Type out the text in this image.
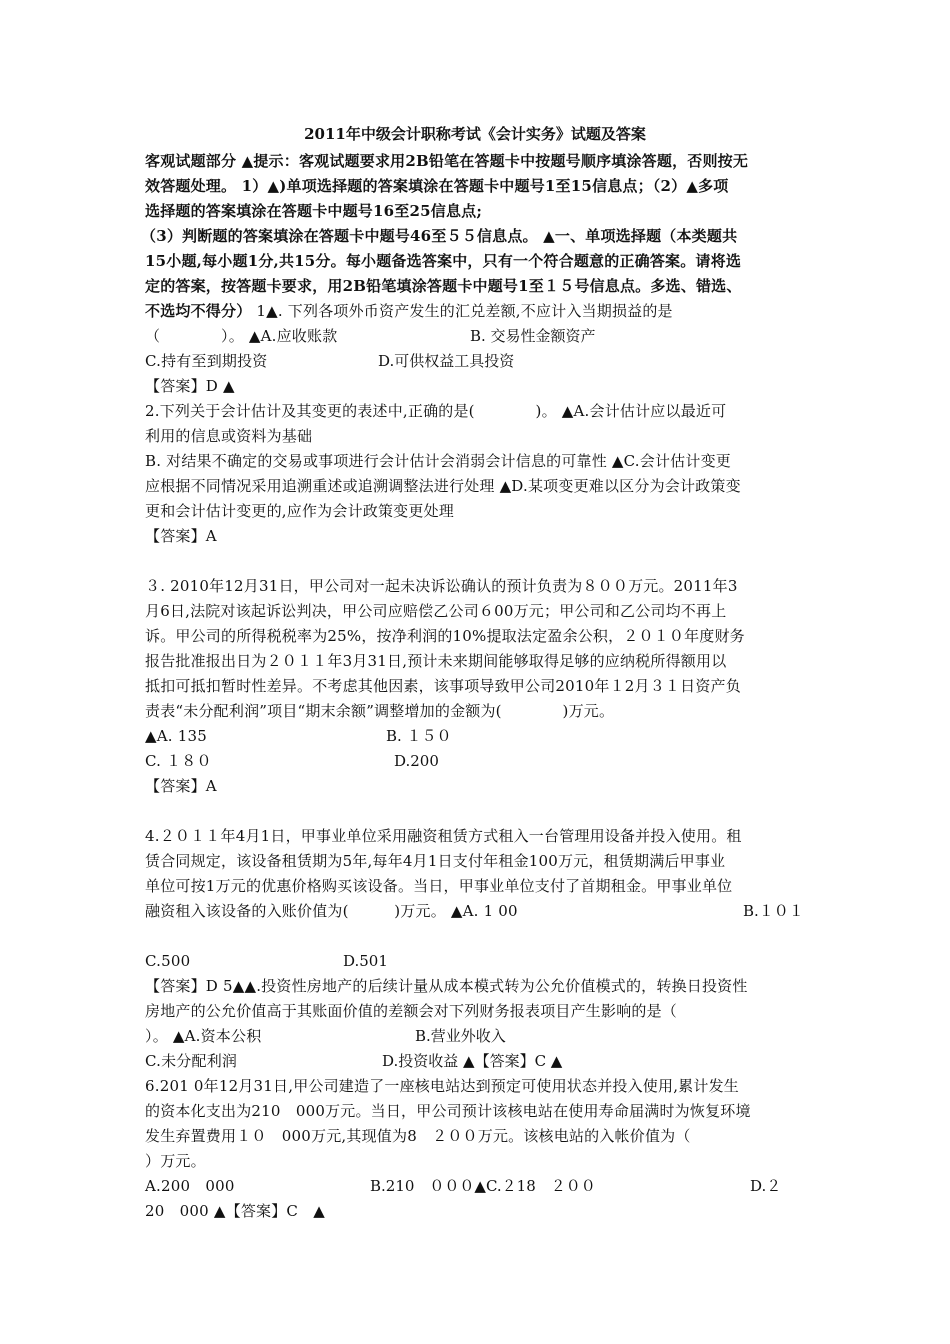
2011年中级会计职称考试《会计实务》试题及答案
客观试题部分 ▲提示：客观试题要求用2B铅笔在答题卡中按题号顺序填涂答题，否则按无
效答题处理。 1）▲)单项选择题的答案填涂在答题卡中题号1至15信息点；（2）▲多项
选择题的答案填涂在答题卡中题号16至25信息点;
（3）判断题的答案填涂在答题卡中题号46至５５信息点。 ▲一、单项选择题（本类题共
15小题,每小题1分,共15分。每小题备选答案中，只有一个符合题意的正确答案。请将选
定的答案，按答题卡要求，用2B铅笔填涂答题卡中题号1至１５号信息点。多选、错选、
不选均不得分） 1▲. 下列各项外币资产发生的汇兑差额,不应计入当期损益的是
（　　　　）。 ▲A.应收账款	B. 交易性金额资产
C.持有至到期投资	D.可供权益工具投资
【答案】D ▲
2.下列关于会计估计及其变更的表述中,正确的是(　　　　)。 ▲A.会计估计应以最近可
利用的信息或资料为基础
B. 对结果不确定的交易或事项进行会计估计会消弱会计信息的可靠性 ▲C.会计估计变更
应根据不同情况采用追溯重述或追溯调整法进行处理 ▲D.某项变更难以区分为会计政策变
更和会计估计变更的,应作为会计政策变更处理
【答案】A
３. 2010年12月31日，甲公司对一起未决诉讼确认的预计负责为８００万元。2011年3
月6日,法院对该起诉讼判决，甲公司应赔偿乙公司６00万元；甲公司和乙公司均不再上
诉。甲公司的所得税税率为25%，按净利润的10%提取法定盈余公积，２０１０年度财务
报告批准报出日为２０１１年3月31日,预计未来期间能够取得足够的应纳税所得额用以
抵扣可抵扣暂时性差异。不考虑其他因素，该事项导致甲公司2010年１2月３１日资产负
责表“未分配利润”项目“期末余额”调整增加的金额为(　　　　)万元。
▲A. 135	B. １５０
C. １８０	D.200
【答案】A
4.２０１１年4月1日，甲事业单位采用融资租赁方式租入一台管理用设备并投入使用。租
赁合同规定，该设备租赁期为5年,每年4月1日支付年租金100万元，租赁期满后甲事业
单位可按1万元的优惠价格购买该设备。当日，甲事业单位支付了首期租金。甲事业单位
融资租入该设备的入账价值为(　　　)万元。 ▲A. 1 00	B.１０１
C.500	D.501
【答案】D 5▲▲.投资性房地产的后续计量从成本模式转为公允价值模式的，转换日投资性
房地产的公允价值高于其账面价值的差额会对下列财务报表项目产生影响的是（
）。 ▲A.资本公积	B.营业外收入
C.未分配利润	D.投资收益 ▲【答案】C ▲
6.201 0年12月31日,甲公司建造了一座核电站达到预定可使用状态并投入使用,累计发生
的资本化支出为210　000万元。当日，甲公司预计该核电站在使用寿命届满时为恢复环境
发生弃置费用１０　000万元,其现值为8　２００万元。该核电站的入帐价值为（
）万元。
A.200　000	B.210　０００▲C.２18　２００	D.２
20　000 ▲【答案】C　▲
